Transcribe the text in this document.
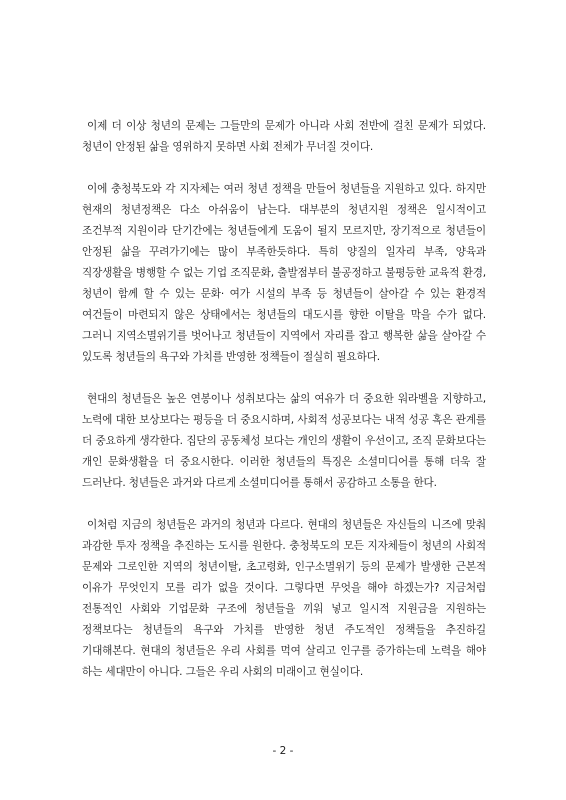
이제 더 이상 청년의 문제는 그들만의 문제가 아니라 사회 전반에 걸친 문제가 되었다. 청년이 안정된 삶을 영위하지 못하면 사회 전체가 무너질 것이다.

이에 충청북도와 각 지자체는 여러 청년 정책을 만들어 청년들을 지원하고 있다. 하지만 현재의 청년정책은 다소 아쉬움이 남는다. 대부분의 청년지원 정책은 일시적이고 조건부적 지원이라 단기간에는 청년들에게 도움이 될지 모르지만, 장기적으로 청년들이 안정된 삶을 꾸려가기에는 많이 부족한듯하다. 특히 양질의 일자리 부족, 양육과 직장생활을 병행할 수 없는 기업 조직문화, 출발점부터 불공정하고 불평등한 교육적 환경, 청년이 함께 할 수 있는 문화· 여가 시설의 부족 등 청년들이 살아갈 수 있는 환경적 여건들이 마련되지 않은 상태에서는 청년들의 대도시를 향한 이탈을 막을 수가 없다. 그러니 지역소멸위기를 벗어나고 청년들이 지역에서 자리를 잡고 행복한 삶을 살아갈 수 있도록 청년들의 욕구와 가치를 반영한 정책들이 절실히 필요하다.

현대의 청년들은 높은 연봉이나 성취보다는 삶의 여유가 더 중요한 워라벨을 지향하고, 노력에 대한 보상보다는 평등을 더 중요시하며, 사회적 성공보다는 내적 성공 혹은 관계를 더 중요하게 생각한다. 집단의 공동체성 보다는 개인의 생활이 우선이고, 조직 문화보다는 개인 문화생활을 더 중요시한다. 이러한 청년들의 특징은 소셜미디어를 통해 더욱 잘 드러난다. 청년들은 과거와 다르게 소셜미디어를 통해서 공감하고 소통을 한다.

이처럼 지금의 청년들은 과거의 청년과 다르다. 현대의 청년들은 자신들의 니즈에 맞춰 과감한 투자 정책을 추진하는 도시를 원한다. 충청북도의 모든 지자체들이 청년의 사회적 문제와 그로인한 지역의 청년이탈, 초고령화, 인구소멸위기 등의 문제가 발생한 근본적 이유가 무엇인지 모를 리가 없을 것이다. 그렇다면 무엇을 해야 하겠는가? 지금처럼 전통적인 사회와 기업문화 구조에 청년들을 끼워 넣고 일시적 지원금을 지원하는 정책보다는 청년들의 욕구와 가치를 반영한 청년 주도적인 정책들을 추진하길 기대해본다. 현대의 청년들은 우리 사회를 먹여 살리고 인구를 증가하는데 노력을 해야 하는 세대만이 아니다. 그들은 우리 사회의 미래이고 현실이다.

- 2 -
